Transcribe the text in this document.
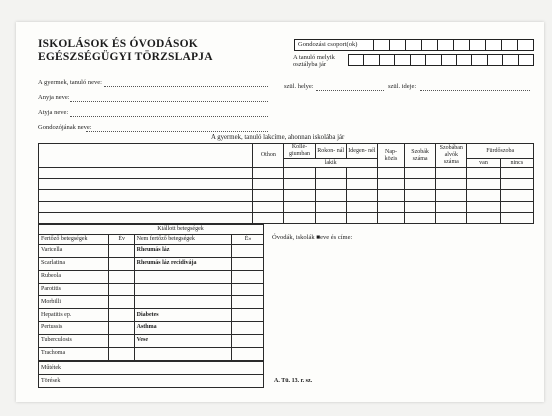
ISKOLÁSOK ÉS ÓVODÁSOK
EGÉSZSÉGÜGYI TÖRZSLAPJA
Gondozási csoport(ok)
A tanuló melyik osztályba jár
A gyermek, tanuló neve:
szül. helye:	szül. ideje:
Anyja neve:
Atyja neve:
Gondozójának neve:
A gyermek, tanuló lakcíme, ahonnan iskolába jár
	Othon	Kollé- giumban	Rokon- nál	Idegen- nél	Nap- közis	Szobák száma	Szobában alvók száma	Fürdőszoba	
		lakik						van	nincs

Kiállott betegségek			
Fertőző betegségek	Év	Nem fertőző betegségek	É»
Varicella		Rheumás láz	
Scarlatina		Rheumás láz recidivája	
Rubeola			
Parotitis			
Morbilli			
Hepatitis ep.		Diabetes	
Pertussis		Asthma	
Tuberculosis		Vese	
Trachoma			

Műtétek			
Törések			
Óvodák, iskolák ■eve és címe:
A. Tü. 13. r. sz.
